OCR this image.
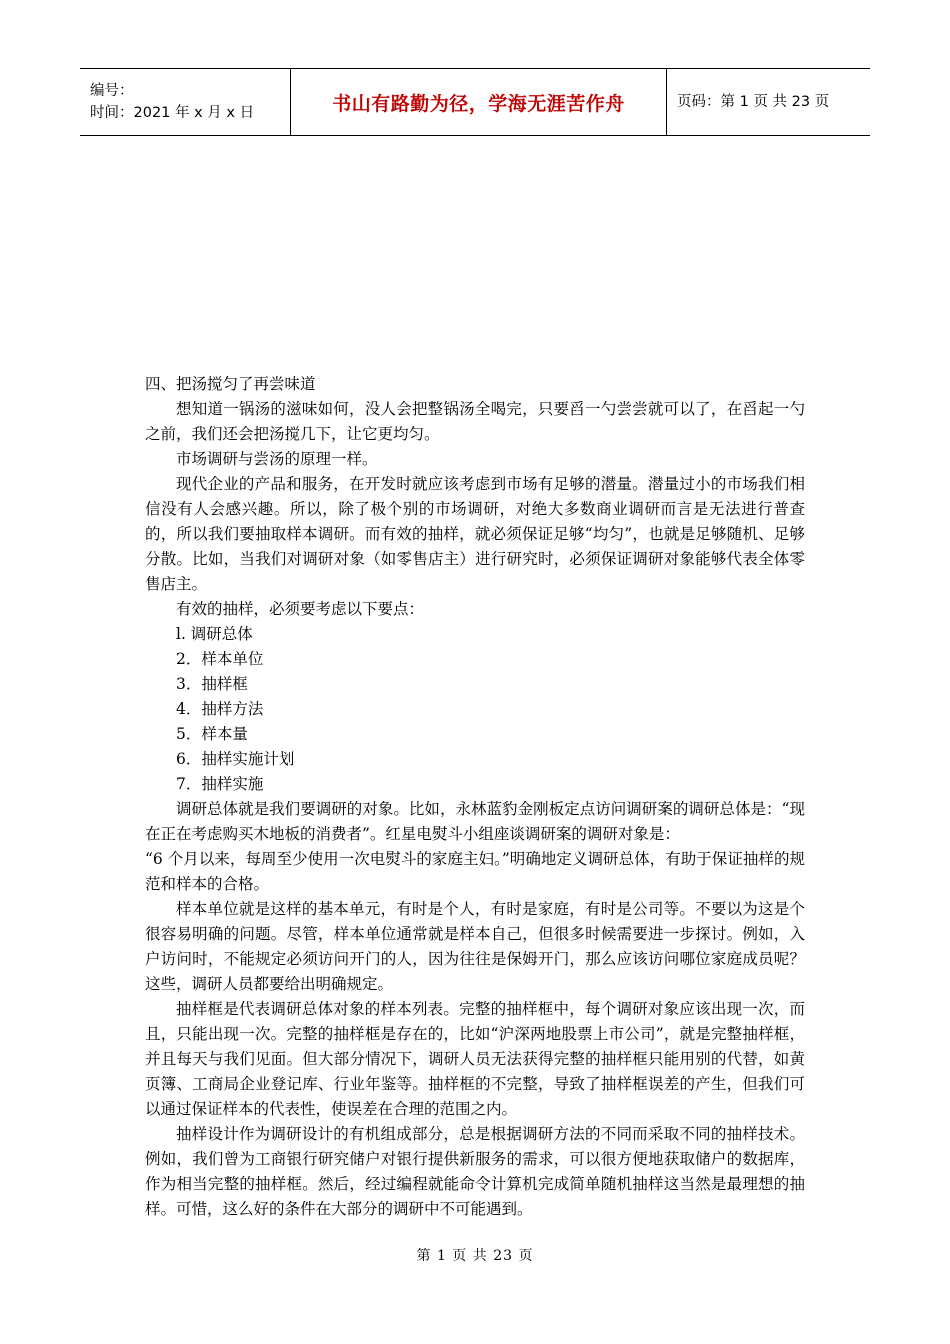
编号：
时间：2021 年 x 月 x 日	书山有路勤为径，学海无涯苦作舟	页码：第 1 页 共 23 页

四、把汤搅匀了再尝味道

想知道一锅汤的滋味如何，没人会把整锅汤全喝完，只要舀一勺尝尝就可以了，在舀起一勺之前，我们还会把汤搅几下，让它更均匀。

市场调研与尝汤的原理一样。

现代企业的产品和服务，在开发时就应该考虑到市场有足够的潜量。潜量过小的市场我们相信没有人会感兴趣。所以，除了极个别的市场调研，对绝大多数商业调研而言是无法进行普查的，所以我们要抽取样本调研。而有效的抽样，就必须保证足够“均匀”，也就是足够随机、足够分散。比如，当我们对调研对象（如零售店主）进行研究时，必须保证调研对象能够代表全体零售店主。

有效的抽样，必须要考虑以下要点：

l. 调研总体

2．样本单位

3．抽样框

4．抽样方法

5．样本量

6．抽样实施计划

7．抽样实施

调研总体就是我们要调研的对象。比如，永林蓝豹金刚板定点访问调研案的调研总体是：“现在正在考虑购买木地板的消费者”。红星电熨斗小组座谈调研案的调研对象是：

“6 个月以来，每周至少使用一次电熨斗的家庭主妇。”明确地定义调研总体，有助于保证抽样的规范和样本的合格。

样本单位就是这样的基本单元，有时是个人，有时是家庭，有时是公司等。不要以为这是个很容易明确的问题。尽管，样本单位通常就是样本自己，但很多时候需要进一步探讨。例如，入户访问时，不能规定必须访问开门的人，因为往往是保姆开门，那么应该访问哪位家庭成员呢？这些，调研人员都要给出明确规定。

抽样框是代表调研总体对象的样本列表。完整的抽样框中，每个调研对象应该出现一次，而且，只能出现一次。完整的抽样框是存在的，比如“沪深两地股票上市公司”，就是完整抽样框，并且每天与我们见面。但大部分情况下，调研人员无法获得完整的抽样框只能用别的代替，如黄页簿、工商局企业登记库、行业年鉴等。抽样框的不完整，导致了抽样框误差的产生，但我们可以通过保证样本的代表性，使误差在合理的范围之内。

抽样设计作为调研设计的有机组成部分，总是根据调研方法的不同而采取不同的抽样技术。例如，我们曾为工商银行研究储户对银行提供新服务的需求，可以很方便地获取储户的数据库，作为相当完整的抽样框。然后，经过编程就能命令计算机完成简单随机抽样这当然是最理想的抽样。可惜，这么好的条件在大部分的调研中不可能遇到。

第 1 页 共 23 页
